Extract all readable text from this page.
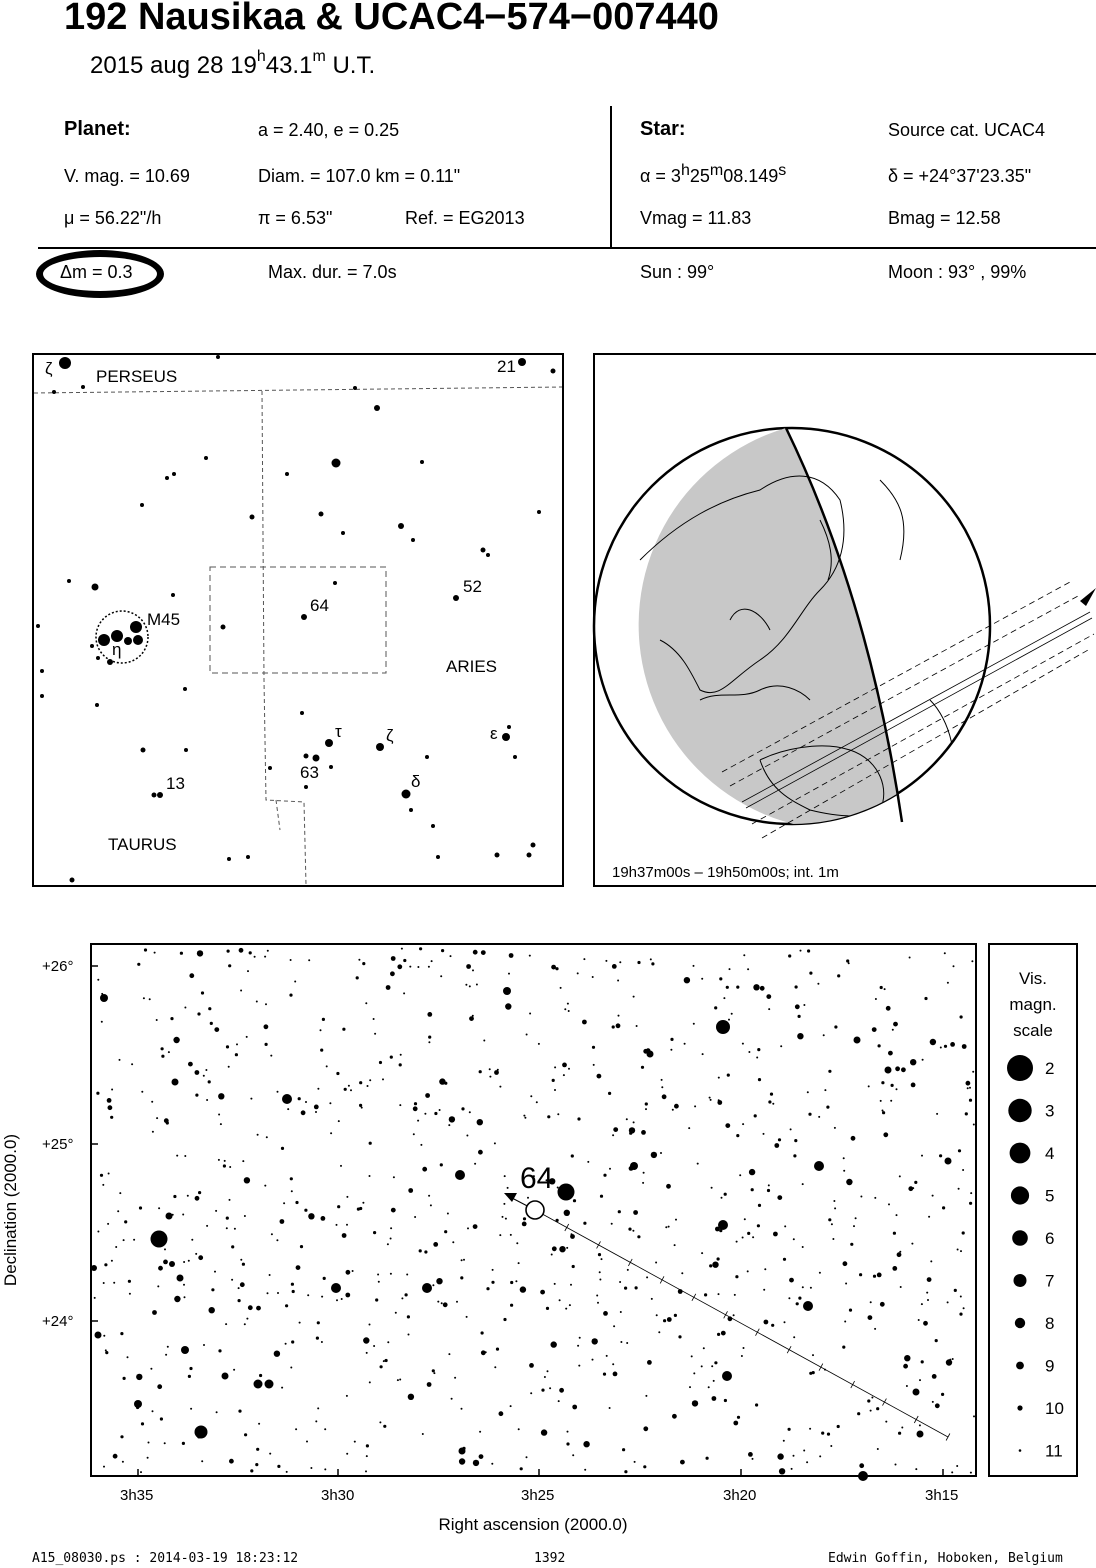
192 Nausikaa & UCAC4−574−007440
2015 aug 28 19$^h$43.1$^m$ U.T.
Planet:	a = 2.40, e = 0.25
V. mag. = 10.69	Diam. = 107.0 km = 0.11"
μ = 56.22"/h	π = 6.53"	Ref. = EG2013
Star:	Source cat. UCAC4
α = 3h25m08.149s	δ = +24°37'23.35"
Vmag = 11.83	Bmag = 12.58
Δm = 0.3	Max. dur. = 7.0s	Sun : 99°	Moon : 93° , 99%
ζ	PERSEUS
21
52
64
M45
η
ARIES
τ	ζ	ε
63	δ
13
TAURUS
19h37m00s – 19h50m00s; int. 1m
+26°
+25°
+24°
3h35	3h30	3h25	3h20	3h15
Right ascension (2000.0)
Declination (2000.0)	64
Vis.
magn.
scale
2
3
4
5
6
7
8
9
10
11
A15_08030.ps : 2014-03-19 18:23:12	1392	Edwin Goffin, Hoboken, Belgium
